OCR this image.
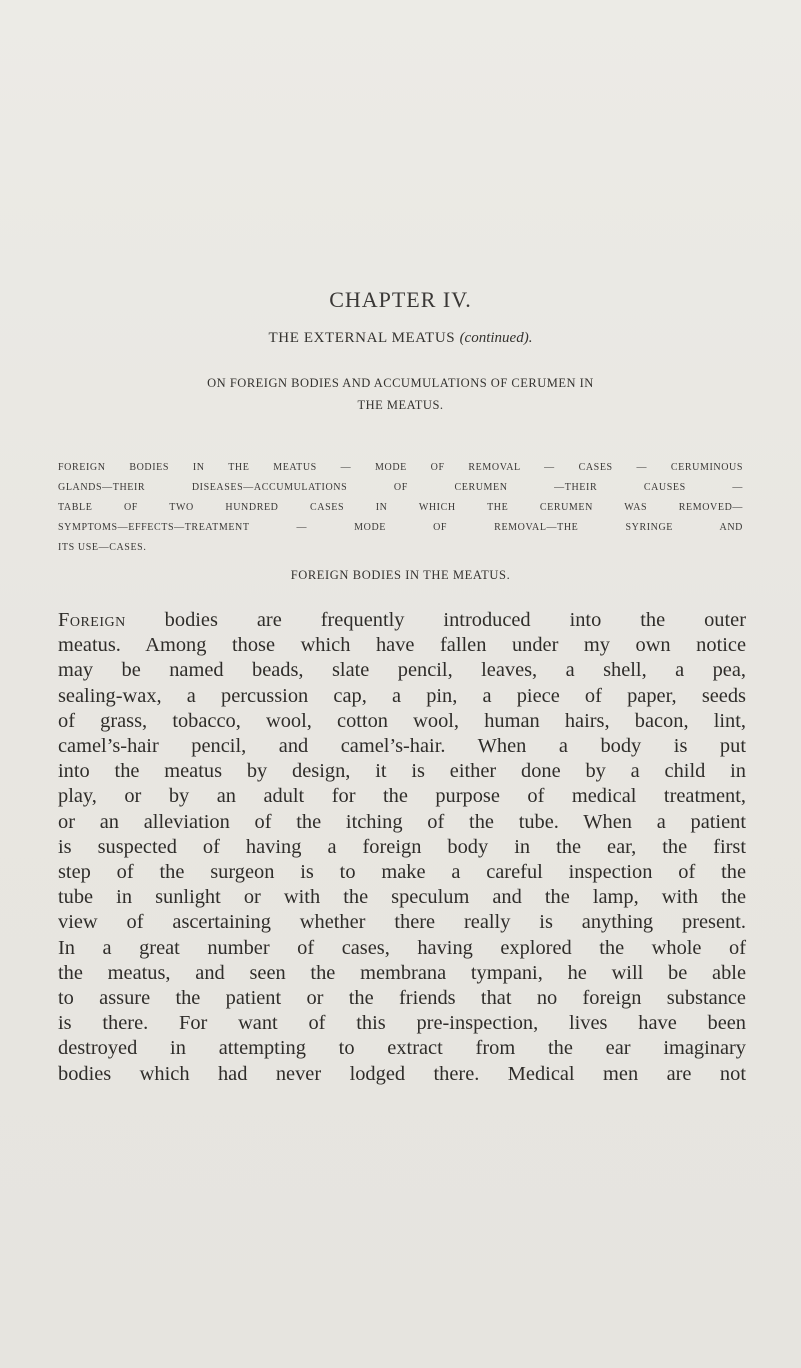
CHAPTER IV.
THE EXTERNAL MEATUS (continued).
ON FOREIGN BODIES AND ACCUMULATIONS OF CERUMEN IN
THE MEATUS.
FOREIGN BODIES IN THE MEATUS — MODE OF REMOVAL — CASES — CERUMINOUS
GLANDS—THEIR DISEASES—ACCUMULATIONS OF CERUMEN —THEIR CAUSES —
TABLE OF TWO HUNDRED CASES IN WHICH THE CERUMEN WAS REMOVED—
SYMPTOMS—EFFECTS—TREATMENT — MODE OF REMOVAL—THE SYRINGE AND
ITS USE—CASES.
FOREIGN BODIES IN THE MEATUS.
Foreign bodies are frequently introduced into the outer
meatus. Among those which have fallen under my own notice
may be named beads, slate pencil, leaves, a shell, a pea,
sealing-wax, a percussion cap, a pin, a piece of paper, seeds
of grass, tobacco, wool, cotton wool, human hairs, bacon, lint,
camel’s-hair pencil, and camel’s-hair. When a body is put
into the meatus by design, it is either done by a child in
play, or by an adult for the purpose of medical treatment,
or an alleviation of the itching of the tube. When a patient
is suspected of having a foreign body in the ear, the first
step of the surgeon is to make a careful inspection of the
tube in sunlight or with the speculum and the lamp, with the
view of ascertaining whether there really is anything present.
In a great number of cases, having explored the whole of
the meatus, and seen the membrana tympani, he will be able
to assure the patient or the friends that no foreign substance
is there. For want of this pre-inspection, lives have been
destroyed in attempting to extract from the ear imaginary
bodies which had never lodged there. Medical men are not
